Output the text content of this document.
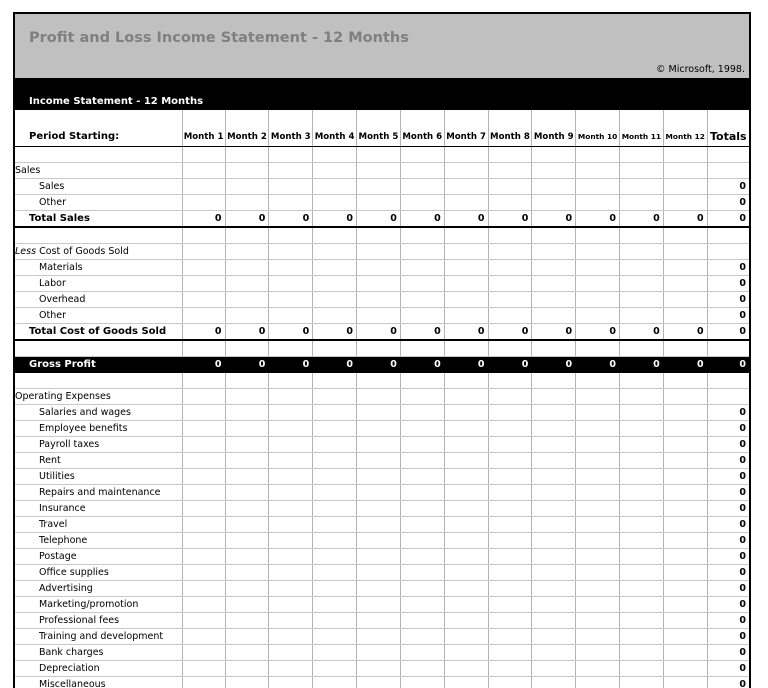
Profit and Loss Income Statement - 12 Months
© Microsoft, 1998.
Income Statement - 12 Months
Period Starting:	Month 1	Month 2	Month 3	Month 4	Month 5	Month 6	Month 7	Month 8	Month 9	Month 10	Month 11	Month 12	Totals

Sales													
Sales													0
Other													0
Total Sales	0	0	0	0	0	0	0	0	0	0	0	0	0

Less Cost of Goods Sold													
Materials													0
Labor													0
Overhead													0
Other													0
Total Cost of Goods Sold	0	0	0	0	0	0	0	0	0	0	0	0	0

Gross Profit	0	0	0	0	0	0	0	0	0	0	0	0	0

Operating Expenses													
Salaries and wages													0
Employee benefits													0
Payroll taxes													0
Rent													0
Utilities													0
Repairs and maintenance													0
Insurance													0
Travel													0
Telephone													0
Postage													0
Office supplies													0
Advertising													0
Marketing/promotion													0
Professional fees													0
Training and development													0
Bank charges													0
Depreciation													0
Miscellaneous													0
